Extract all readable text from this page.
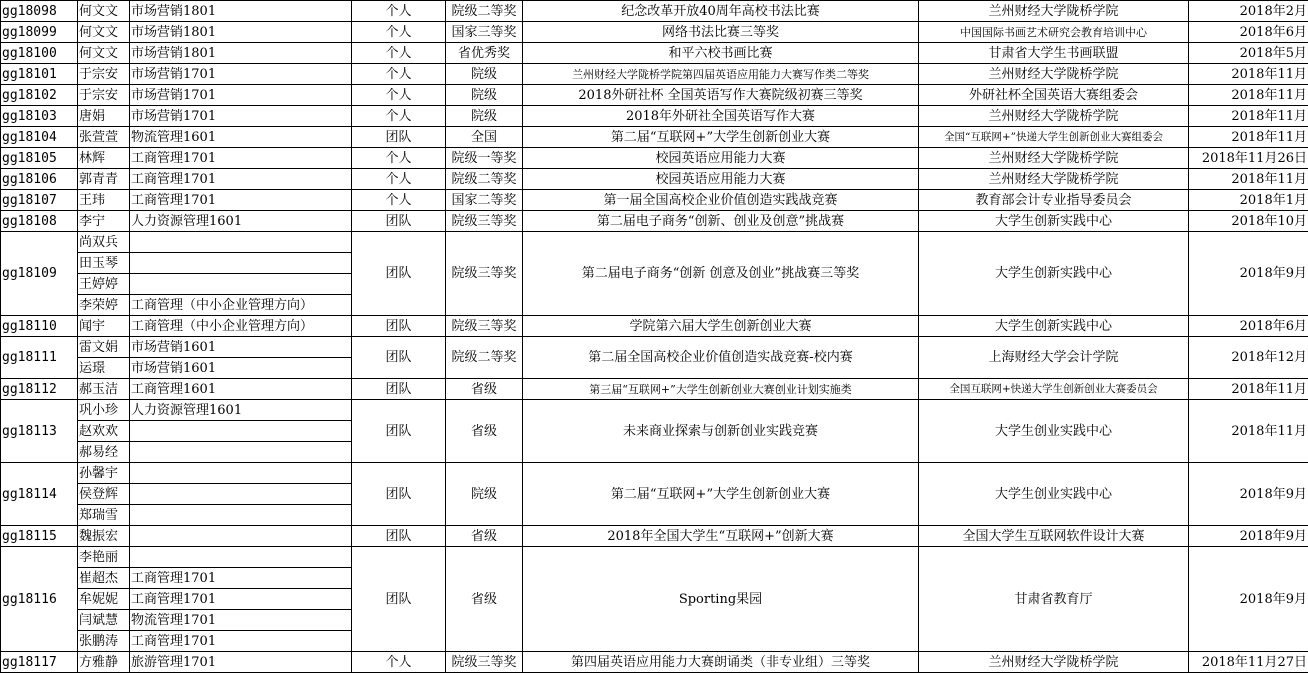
gg18098	何文文	市场营销1801	个人	院级二等奖	纪念改革开放40周年高校书法比赛	兰州财经大学陇桥学院	2018年2月
gg18099	何文文	市场营销1801	个人	国家三等奖	网络书法比赛三等奖	中国国际书画艺术研究会教育培训中心	2018年6月
gg18100	何文文	市场营销1801	个人	省优秀奖	和平六校书画比赛	甘肃省大学生书画联盟	2018年5月
gg18101	于宗安	市场营销1701	个人	院级	兰州财经大学陇桥学院第四届英语应用能力大赛写作类二等奖	兰州财经大学陇桥学院	2018年11月
gg18102	于宗安	市场营销1701	个人	院级	2018外研社杯 全国英语写作大赛院级初赛三等奖	外研社杯全国英语大赛组委会	2018年11月
gg18103	唐娟	市场营销1701	个人	院级	2018年外研社全国英语写作大赛	兰州财经大学陇桥学院	2018年11月
gg18104	张萱萱	物流管理1601	团队	全国	第二届“互联网+”大学生创新创业大赛	全国“互联网+”快递大学生创新创业大赛组委会	2018年11月
gg18105	林辉	工商管理1701	个人	院级一等奖	校园英语应用能力大赛	兰州财经大学陇桥学院	2018年11月26日
gg18106	郭青青	工商管理1701	个人	院级二等奖	校园英语应用能力大赛	兰州财经大学陇桥学院	2018年11月
gg18107	王玮	工商管理1701	个人	国家二等奖	第一届全国高校企业价值创造实践战竞赛	教育部会计专业指导委员会	2018年1月
gg18108	李宁	人力资源管理1601	团队	院级三等奖	第二届电子商务“创新、创业及创意”挑战赛	大学生创新实践中心	2018年10月
gg18109	尚双兵		团队	院级三等奖	第二届电子商务“创新 创意及创业”挑战赛三等奖	大学生创新实践中心	2018年9月
	田玉琴						
	王婷婷						
	李荣婷	工商管理（中小企业管理方向）					
gg18110	闻宇	工商管理（中小企业管理方向）	团队	院级三等奖	学院第六届大学生创新创业大赛	大学生创新实践中心	2018年6月
gg18111	雷文娟	市场营销1601	团队	院级二等奖	第二届全国高校企业价值创造实战竞赛-校内赛	上海财经大学会计学院	2018年12月
	运璟	市场营销1601					
gg18112	郝玉洁	工商管理1601	团队	省级	第三届“互联网+”大学生创新创业大赛创业计划实施类	全国互联网+快递大学生创新创业大赛委员会	2018年11月
gg18113	巩小珍	人力资源管理1601	团队	省级	未来商业探索与创新创业实践竞赛	大学生创业实践中心	2018年11月
	赵欢欢						
	郝易经						
gg18114	孙馨宇		团队	院级	第二届“互联网+”大学生创新创业大赛	大学生创业实践中心	2018年9月
	侯登辉						
	郑瑞雪						
gg18115	魏振宏		团队	省级	2018年全国大学生“互联网+”创新大赛	全国大学生互联网软件设计大赛	2018年9月
gg18116	李艳丽		团队	省级	Sporting果园	甘肃省教育厅	2018年9月
	崔超杰	工商管理1701					
	牟妮妮	工商管理1701					
	闫斌慧	物流管理1701					
	张鹏涛	工商管理1701					
gg18117	方雅静	旅游管理1701	个人	院级三等奖	第四届英语应用能力大赛朗诵类（非专业组）三等奖	兰州财经大学陇桥学院	2018年11月27日
